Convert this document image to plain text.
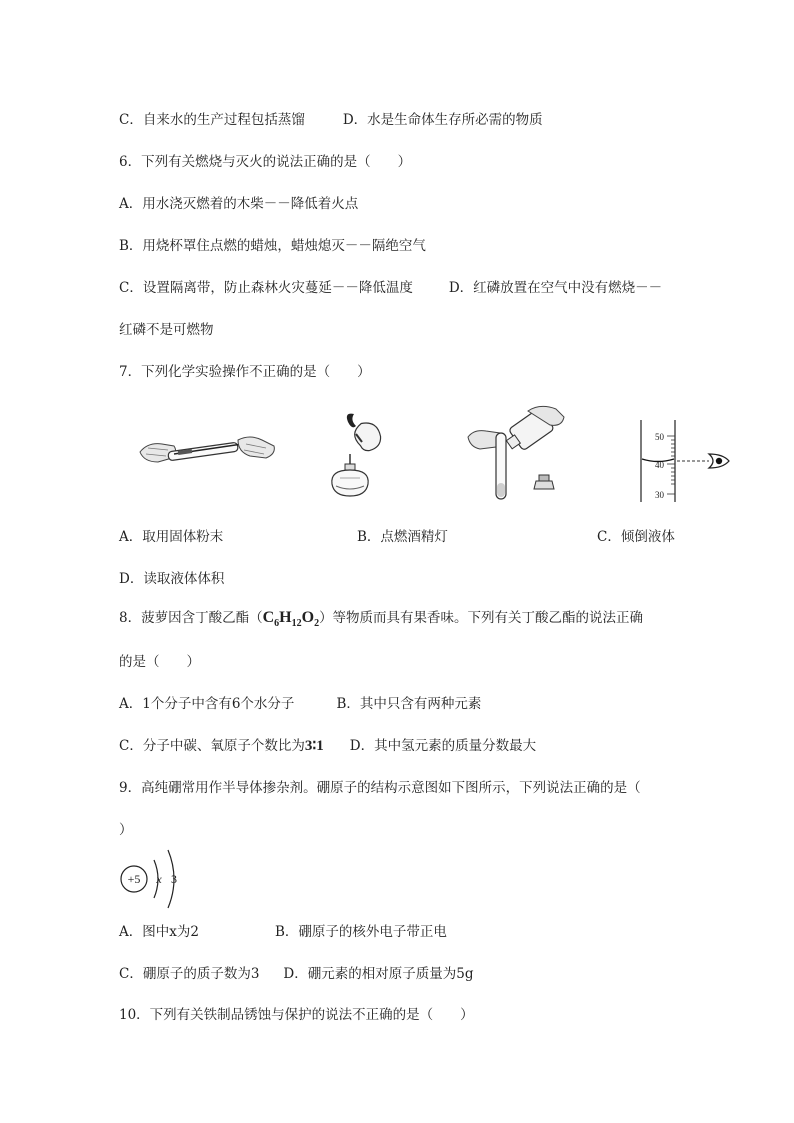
C．自来水的生产过程包括蒸馏	D．水是生命体生存所必需的物质
6．下列有关燃烧与灭火的说法正确的是（　　）
A．用水浇灭燃着的木柴－－降低着火点
B．用烧杯罩住点燃的蜡烛，蜡烛熄灭－－隔绝空气
C．设置隔离带，防止森林火灾蔓延－－降低温度	D．红磷放置在空气中没有燃烧－－
红磷不是可燃物
7．下列化学实验操作不正确的是（　　）
50
40
30
A．取用固体粉末	B．点燃酒精灯	C．倾倒液体
D．读取液体体积
8．菠萝因含丁酸乙酯$(C_6H_{12}O_2)$等物质而具有果香味。下列有关丁酸乙酯的说法正确
的是（　　）
A．1个分子中含有6个水分子	B．其中只含有两种元素
C．分子中碳、氧原子个数比为3∶1 D．其中氢元素的质量分数最大
9．高纯硼常用作半导体掺杂剂。硼原子的结构示意图如下图所示，下列说法正确的是（
）
+5 x 3
A．图中x为2	B．硼原子的核外电子带正电
C．硼原子的质子数为3 D．硼元素的相对原子质量为5g
10．下列有关铁制品锈蚀与保护的说法不正确的是（　　）
